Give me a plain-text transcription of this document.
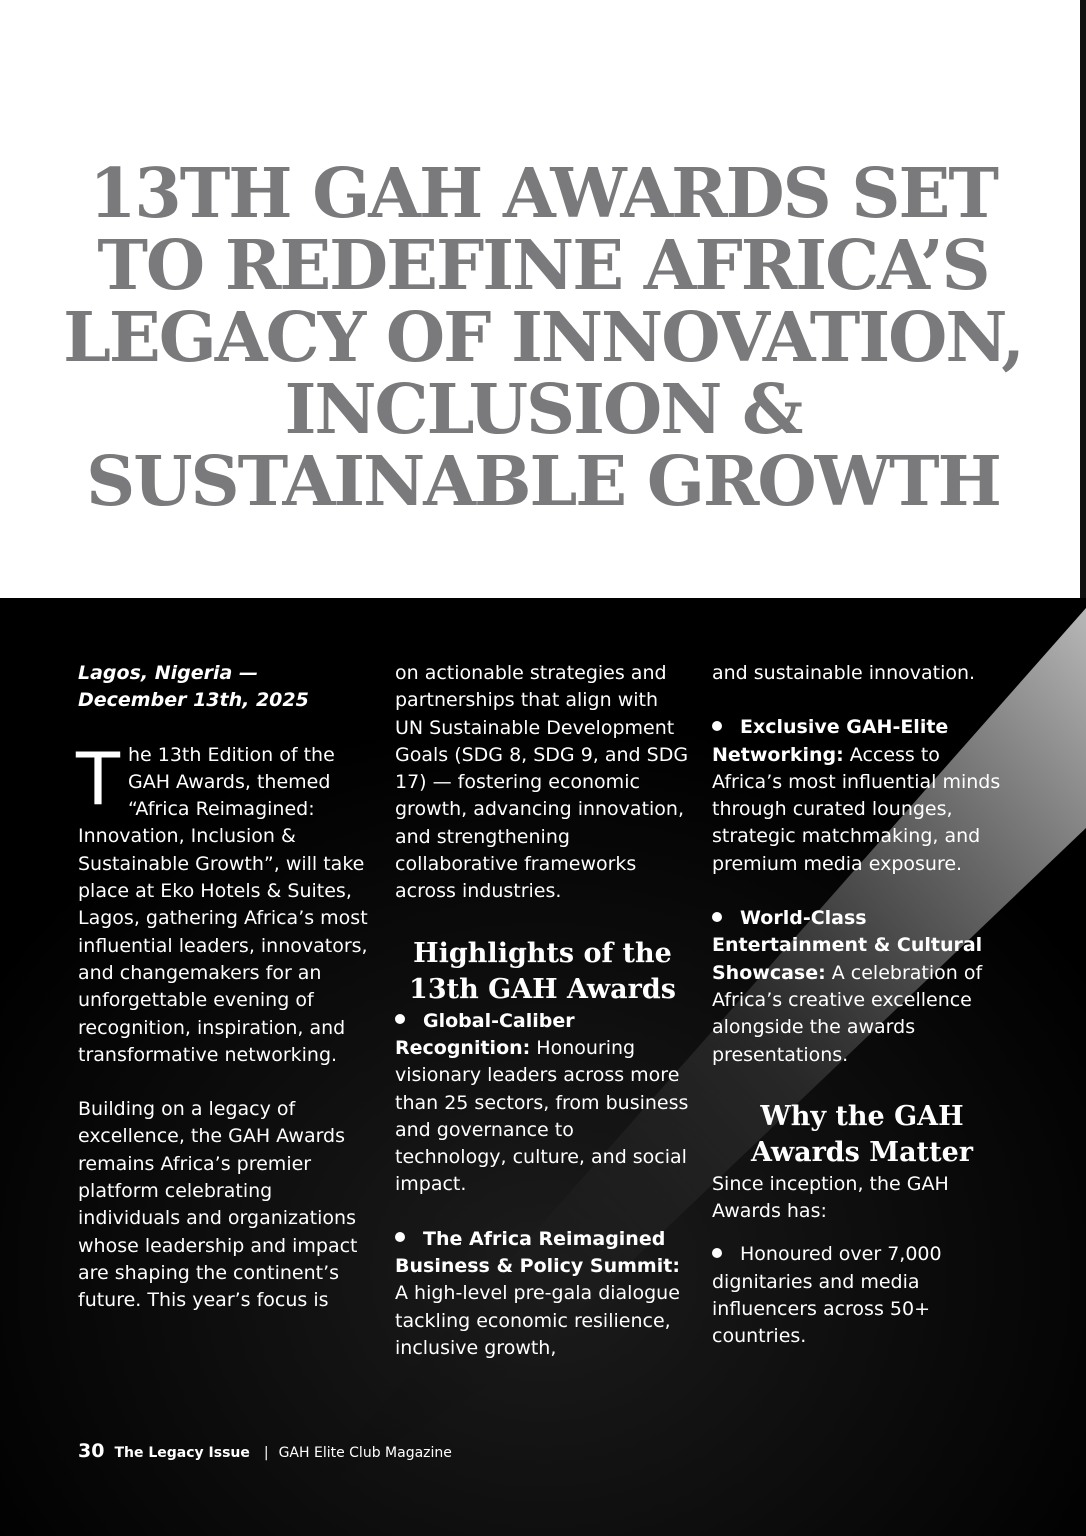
13TH GAH AWARDS SET
TO REDEFINE AFRICA’S
LEGACY OF INNOVATION,
INCLUSION &
SUSTAINABLE GROWTH

Lagos, Nigeria — December 13th, 2025

The 13th Edition of the GAH Awards, themed “Africa Reimagined: Innovation, Inclusion & Sustainable Growth”, will take place at Eko Hotels & Suites, Lagos, gathering Africa’s most influential leaders, innovators, and changemakers for an unforgettable evening of recognition, inspiration, and transformative networking.

Building on a legacy of excellence, the GAH Awards remains Africa’s premier platform celebrating individuals and organizations whose leadership and impact are shaping the continent’s future. This year’s focus is

on actionable strategies and partnerships that align with UN Sustainable Development Goals (SDG 8, SDG 9, and SDG 17) — fostering economic growth, advancing innovation, and strengthening collaborative frameworks across industries.

Highlights of the 13th GAH Awards

Global-Caliber Recognition: Honouring visionary leaders across more than 25 sectors, from business and governance to technology, culture, and social impact.

The Africa Reimagined Business & Policy Summit: A high-level pre-gala dialogue tackling economic resilience, inclusive growth,

and sustainable innovation.

Exclusive GAH-Elite Networking: Access to Africa’s most influential minds through curated lounges, strategic matchmaking, and premium media exposure.

World-Class Entertainment & Cultural Showcase: A celebration of Africa’s creative excellence alongside the awards presentations.

Why the GAH Awards Matter

Since inception, the GAH Awards has:

Honoured over 7,000 dignitaries and media influencers across 50+ countries.

30 The Legacy Issue | GAH Elite Club Magazine
